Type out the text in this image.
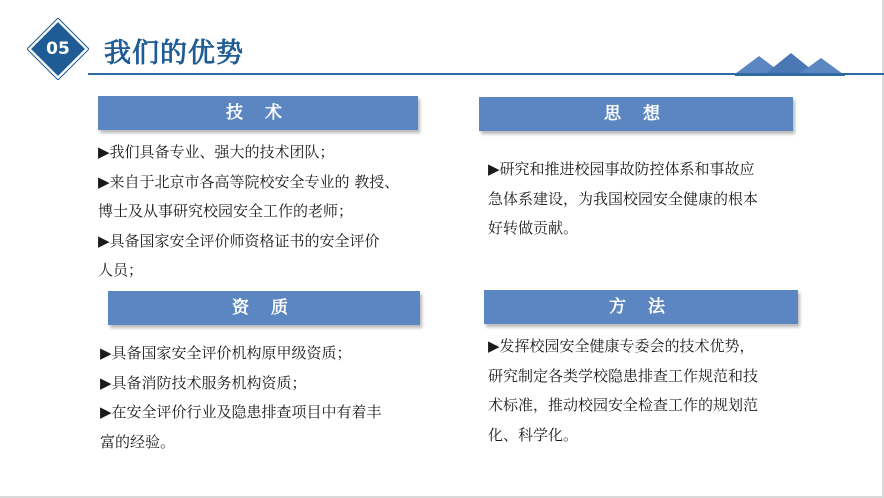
05	我们的优势
技 术
▶我们具备专业、强大的技术团队；
▶来自于北京市各高等院校安全专业的 教授、
博士及从事研究校园安全工作的老师；
▶具备国家安全评价师资格证书的安全评价
人员；
思 想
▶研究和推进校园事故防控体系和事故应
急体系建设，为我国校园安全健康的根本
好转做贡献。
资 质
▶具备国家安全评价机构原甲级资质；
▶具备消防技术服务机构资质；
▶在安全评价行业及隐患排查项目中有着丰
富的经验。
方 法
▶发挥校园安全健康专委会的技术优势，
研究制定各类学校隐患排查工作规范和技
术标准，推动校园安全检查工作的规划范
化、科学化。
